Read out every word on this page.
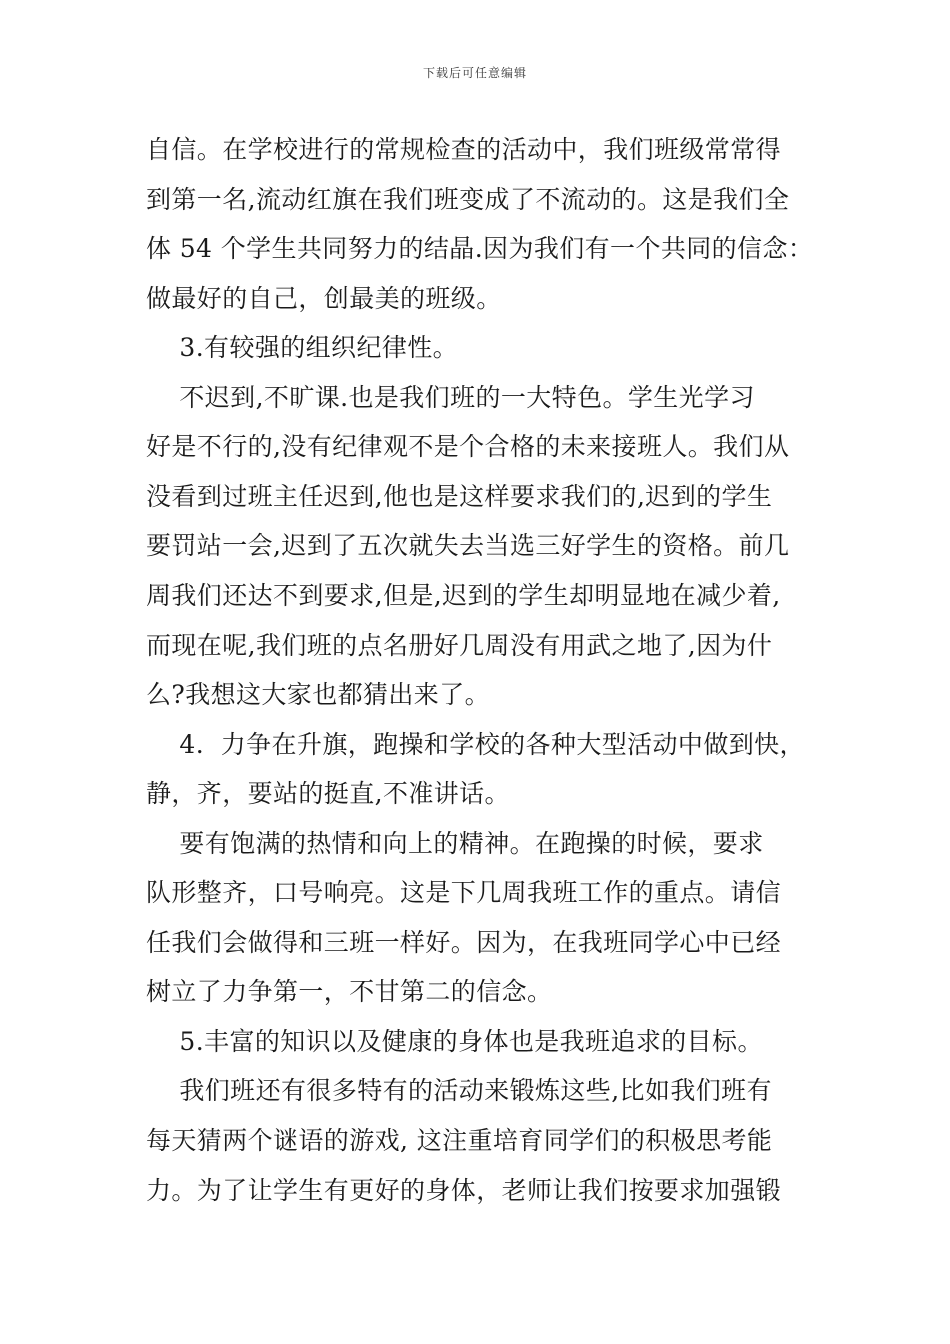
下载后可任意编辑
自信。在学校进行的常规检查的活动中，我们班级常常得
到第一名,流动红旗在我们班变成了不流动的。这是我们全
体 54 个学生共同努力的结晶.因为我们有一个共同的信念：
做最好的自己，创最美的班级。
3.有较强的组织纪律性。
不迟到,不旷课.也是我们班的一大特色。学生光学习
好是不行的,没有纪律观不是个合格的未来接班人。我们从
没看到过班主任迟到,他也是这样要求我们的,迟到的学生
要罚站一会,迟到了五次就失去当选三好学生的资格。前几
周我们还达不到要求,但是,迟到的学生却明显地在减少着,
而现在呢,我们班的点名册好几周没有用武之地了,因为什
么?我想这大家也都猜出来了。
4.  力争在升旗，跑操和学校的各种大型活动中做到快，
静，齐，要站的挺直,不准讲话。
要有饱满的热情和向上的精神。在跑操的时候，要求
队形整齐，口号响亮。这是下几周我班工作的重点。请信
任我们会做得和三班一样好。因为，在我班同学心中已经
树立了力争第一，不甘第二的信念。
5.丰富的知识以及健康的身体也是我班追求的目标。
我们班还有很多特有的活动来锻炼这些,比如我们班有
每天猜两个谜语的游戏, 这注重培育同学们的积极思考能
力。为了让学生有更好的身体，老师让我们按要求加强锻
